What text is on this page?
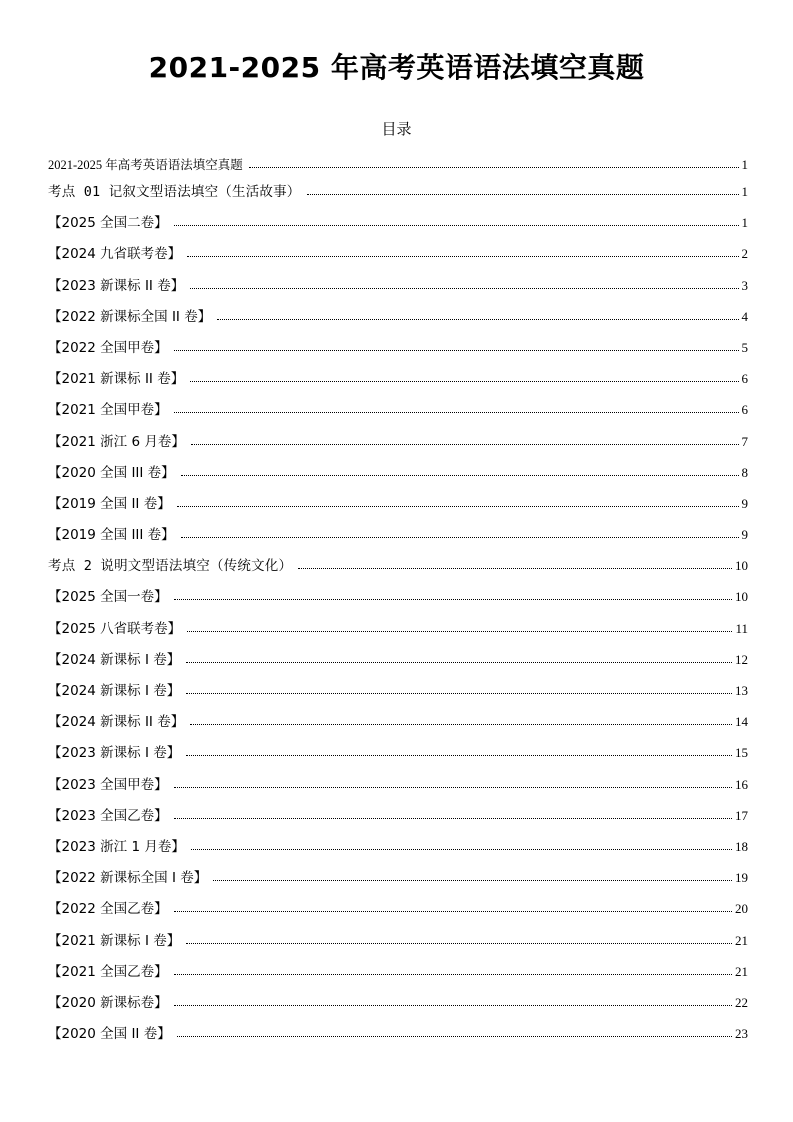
2021-2025 年高考英语语法填空真题
目录
2021-2025 年高考英语语法填空真题	1
考点 01 记叙文型语法填空（生活故事）	1
【2025 全国二卷】	1
【2024 九省联考卷】	2
【2023 新课标 II 卷】	3
【2022 新课标全国 II 卷】	4
【2022 全国甲卷】	5
【2021 新课标 II 卷】	6
【2021 全国甲卷】	6
【2021 浙江 6 月卷】	7
【2020 全国 III 卷】	8
【2019 全国 II 卷】	9
【2019 全国 III 卷】	9
考点 2 说明文型语法填空（传统文化）	10
【2025 全国一卷】	10
【2025 八省联考卷】	11
【2024 新课标 I 卷】	12
【2024 新课标 I 卷】	13
【2024 新课标 II 卷】	14
【2023 新课标 I 卷】	15
【2023 全国甲卷】	16
【2023 全国乙卷】	17
【2023 浙江 1 月卷】	18
【2022 新课标全国 I 卷】	19
【2022 全国乙卷】	20
【2021 新课标 I 卷】	21
【2021 全国乙卷】	21
【2020 新课标卷】	22
【2020 全国 II 卷】	23
